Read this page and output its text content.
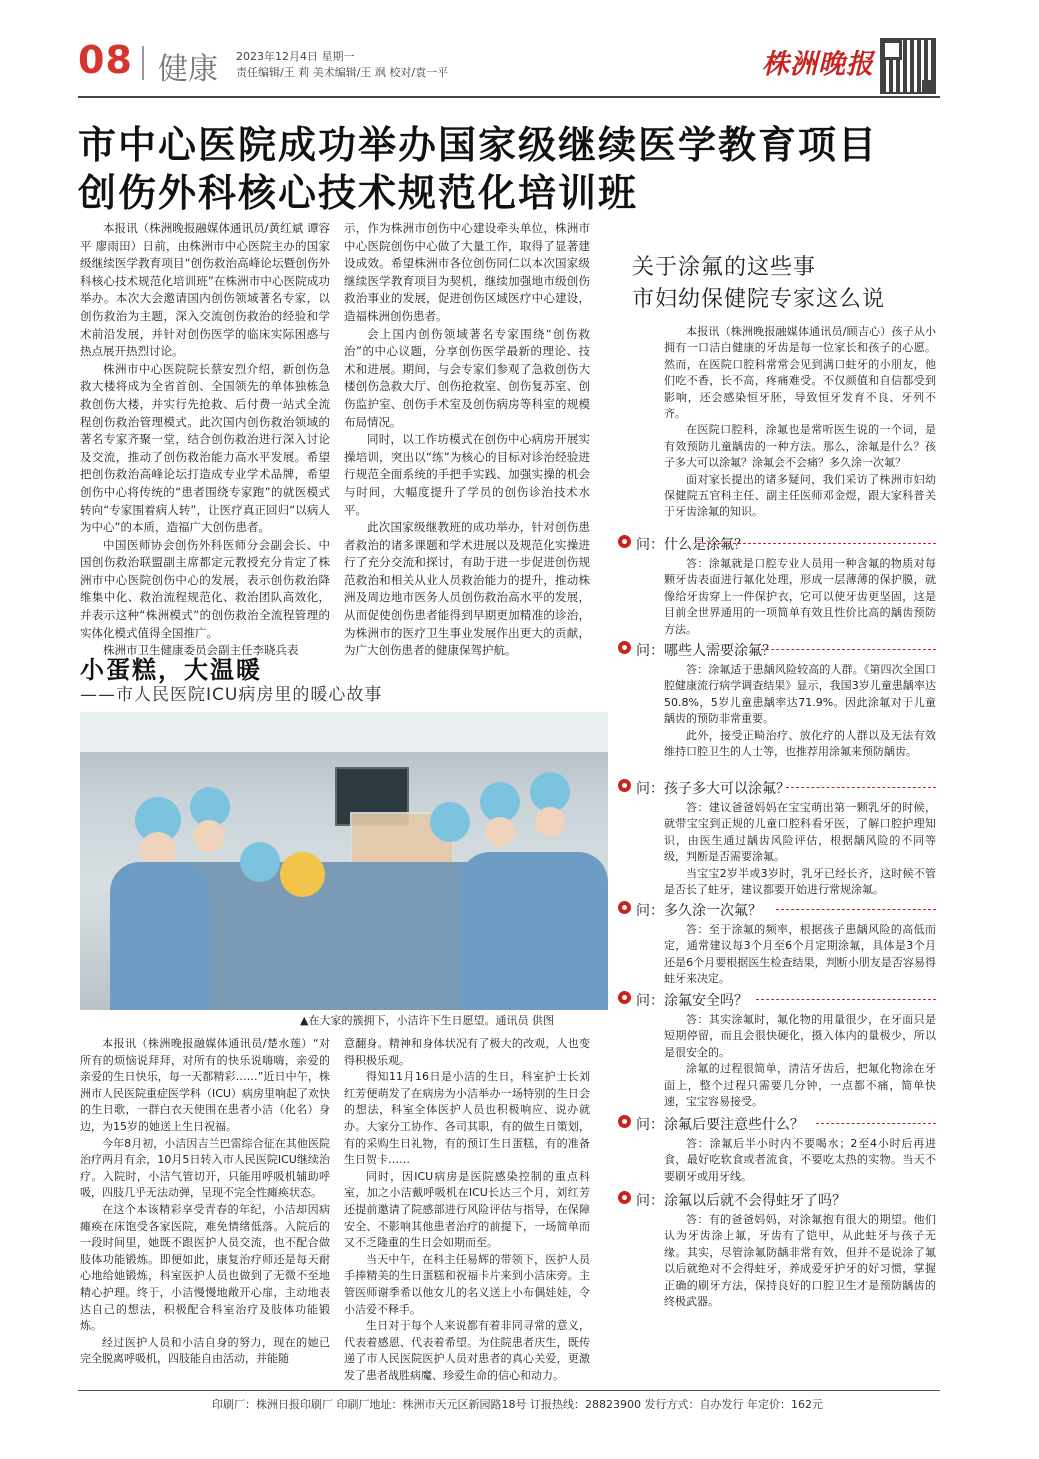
08 健康 2023年12月4日 星期一
责任编辑/王 莉 美术编辑/王 飒 校对/袁一平	株洲晚报
市中心医院成功举办国家级继续医学教育项目
创伤外科核心技术规范化培训班

本报讯（株洲晚报融媒体通讯员/黄红斌 谭容平 廖雨田）日前，由株洲市中心医院主办的国家级继续医学教育项目“创伤救治高峰论坛暨创伤外科核心技术规范化培训班”在株洲市中心医院成功举办。本次大会邀请国内创伤领域著名专家，以创伤救治为主题，深入交流创伤救治的经验和学术前沿发展，并针对创伤医学的临床实际困惑与热点展开热烈讨论。

株洲市中心医院院长蔡安烈介绍，新创伤急救大楼将成为全省首创、全国领先的单体独栋急救创伤大楼，并实行先抢救、后付费一站式全流程创伤救治管理模式。此次国内创伤救治领域的著名专家齐聚一堂，结合创伤救治进行深入讨论及交流，推动了创伤救治能力高水平发展。希望把创伤救治高峰论坛打造成专业学术品牌，希望创伤中心将传统的“患者围绕专家跑”的就医模式转向“专家围着病人转”，让医疗真正回归“以病人为中心”的本质，造福广大创伤患者。

中国医师协会创伤外科医师分会副会长、中国创伤救治联盟副主席都定元教授充分肯定了株洲市中心医院创伤中心的发展，表示创伤救治降维集中化、救治流程规范化、救治团队高效化，并表示这种“株洲模式”的创伤救治全流程管理的实体化模式值得全国推广。

株洲市卫生健康委员会副主任李晓兵表

示，作为株洲市创伤中心建设牵头单位，株洲市中心医院创伤中心做了大量工作，取得了显著建设成效。希望株洲市各位创伤同仁以本次国家级继续医学教育项目为契机，继续加强地市级创伤救治事业的发展，促进创伤区域医疗中心建设，造福株洲创伤患者。

会上国内创伤领域著名专家围绕“创伤救治”的中心议题，分享创伤医学最新的理论、技术和进展。期间，与会专家们参观了急救创伤大楼创伤急救大厅、创伤抢救室、创伤复苏室、创伤监护室、创伤手术室及创伤病房等科室的规模布局情况。

同时，以工作坊模式在创伤中心病房开展实操培训，突出以“练”为核心的目标对诊治经验进行规范全面系统的手把手实践、加强实操的机会与时间，大幅度提升了学员的创伤诊治技术水平。

此次国家级继教班的成功举办，针对创伤患者救治的诸多课题和学术进展以及规范化实操进行了充分交流和探讨，有助于进一步促进创伤规范救治和相关从业人员救治能力的提升，推动株洲及周边地市医务人员创伤救治高水平的发展，从而促使创伤患者能得到早期更加精准的诊治，为株洲市的医疗卫生事业发展作出更大的贡献，为广大创伤患者的健康保驾护航。

关于涂氟的这些事
市妇幼保健院专家这么说

本报讯（株洲晚报融媒体通讯员/顾吉心）孩子从小拥有一口洁白健康的牙齿是每一位家长和孩子的心愿。然而，在医院口腔科常常会见到满口蛀牙的小朋友，他们吃不香，长不高，疼痛难受。不仅颜值和自信都受到影响，还会感染恒牙胚，导致恒牙发育不良、牙列不齐。

在医院口腔科，涂氟也是常听医生说的一个词，是有效预防儿童龋齿的一种方法。那么，涂氟是什么？孩子多大可以涂氟？涂氟会不会痛？多久涂一次氟？

面对家长提出的诸多疑问，我们采访了株洲市妇幼保健院五官科主任、副主任医师邓金煜，跟大家科普关于牙齿涂氟的知识。

问：什么是涂氟？

答：涂氟就是口腔专业人员用一种含氟的物质对每颗牙齿表面进行氟化处理，形成一层薄薄的保护膜，就像给牙齿穿上一件保护衣，它可以使牙齿更坚固，这是目前全世界通用的一项简单有效且性价比高的龋齿预防方法。

问：哪些人需要涂氟？

答：涂氟适于患龋风险较高的人群。《第四次全国口腔健康流行病学调查结果》显示，我国3岁儿童患龋率达50.8%，5岁儿童患龋率达71.9%。因此涂氟对于儿童龋齿的预防非常重要。

此外，接受正畸治疗、放化疗的人群以及无法有效维持口腔卫生的人士等，也推荐用涂氟来预防龋齿。

问：孩子多大可以涂氟？

答：建议爸爸妈妈在宝宝萌出第一颗乳牙的时候，就带宝宝到正规的儿童口腔科看牙医，了解口腔护理知识，由医生通过龋齿风险评估，根据龋风险的不同等级，判断是否需要涂氟。

当宝宝2岁半或3岁时，乳牙已经长齐，这时候不管是否长了蛀牙，建议都要开始进行常规涂氟。

问：多久涂一次氟？

答：至于涂氟的频率，根据孩子患龋风险的高低而定，通常建议每3个月至6个月定期涂氟，具体是3个月还是6个月要根据医生检查结果，判断小朋友是否容易得蛀牙来决定。

问：涂氟安全吗？

答：其实涂氟时，氟化物的用量很少，在牙面只是短期停留，而且会很快硬化，摄入体内的量极少，所以是很安全的。

涂氟的过程很简单，清洁牙齿后，把氟化物涂在牙面上，整个过程只需要几分钟，一点都不痛，简单快速，宝宝容易接受。

问：涂氟后要注意些什么？

答：涂氟后半小时内不要喝水；2至4小时后再进食，最好吃软食或者流食，不要吃太热的实物。当天不要刷牙或用牙线。

问：涂氟以后就不会得蛀牙了吗？

答：有的爸爸妈妈，对涂氟抱有很大的期望。他们认为牙齿涂上氟，牙齿有了铠甲，从此蛀牙与孩子无缘。其实，尽管涂氟防龋非常有效，但并不是说涂了氟以后就绝对不会得蛀牙，养成爱牙护牙的好习惯，掌握正确的刷牙方法，保持良好的口腔卫生才是预防龋齿的终极武器。

小蛋糕，大温暖
——市人民医院ICU病房里的暖心故事
▲在大家的簇拥下，小洁许下生日愿望。通讯员 供图

本报讯（株洲晚报融媒体通讯员/楚水莲）“对所有的烦恼说拜拜，对所有的快乐说嗨嗨，亲爱的亲爱的生日快乐，每一天都精彩……”近日中午，株洲市人民医院重症医学科（ICU）病房里响起了欢快的生日歌，一群白衣天使围在患者小洁（化名）身边，为15岁的她送上生日祝福。

今年8月初，小洁因吉兰巴雷综合征在其他医院治疗两月有余，10月5日转入市人民医院ICU继续治疗。入院时，小洁气管切开，只能用呼吸机辅助呼吸，四肢几乎无法动弹，呈现不完全性瘫痪状态。

在这个本该精彩享受青春的年纪，小洁却因病瘫痪在床饱受各家医院，难免情绪低落。入院后的一段时间里，她既不跟医护人员交流，也不配合做肢体功能锻炼。即便如此，康复治疗师还是每天耐心地给她锻炼，科室医护人员也做到了无微不至地精心护理。终于，小洁慢慢地敞开心扉，主动地表达自己的想法，积极配合科室治疗及肢体功能锻炼。

经过医护人员和小洁自身的努力，现在的她已完全脱离呼吸机，四肢能自由活动，并能随

意翻身。精神和身体状况有了极大的改观，人也变得积极乐观。

得知11月16日是小洁的生日，科室护士长刘红芳便萌发了在病房为小洁举办一场特别的生日会的想法，科室全体医护人员也积极响应、说办就办。大家分工协作、各司其职，有的做生日策划，有的采购生日礼物，有的预订生日蛋糕，有的准备生日贺卡……

同时，因ICU病房是医院感染控制的重点科室，加之小洁戴呼吸机在ICU长达三个月，刘红芳还提前邀请了院感部进行风险评估与指导，在保障安全、不影响其他患者治疗的前提下，一场简单而又不乏隆重的生日会如期而至。

当天中午，在科主任易辉的带领下，医护人员手捧精美的生日蛋糕和祝福卡片来到小洁床旁。主管医师谢季希以他女儿的名义送上小布偶娃娃，令小洁爱不释手。

生日对于每个人来说都有着非同寻常的意义，代表着感恩、代表着希望。为住院患者庆生，既传递了市人民医院医护人员对患者的真心关爱，更激发了患者战胜病魔、珍爱生命的信心和动力。

印刷厂：株洲日报印刷厂 印刷厂地址：株洲市天元区新园路18号 订报热线：28823900 发行方式：自办发行 年定价：162元
